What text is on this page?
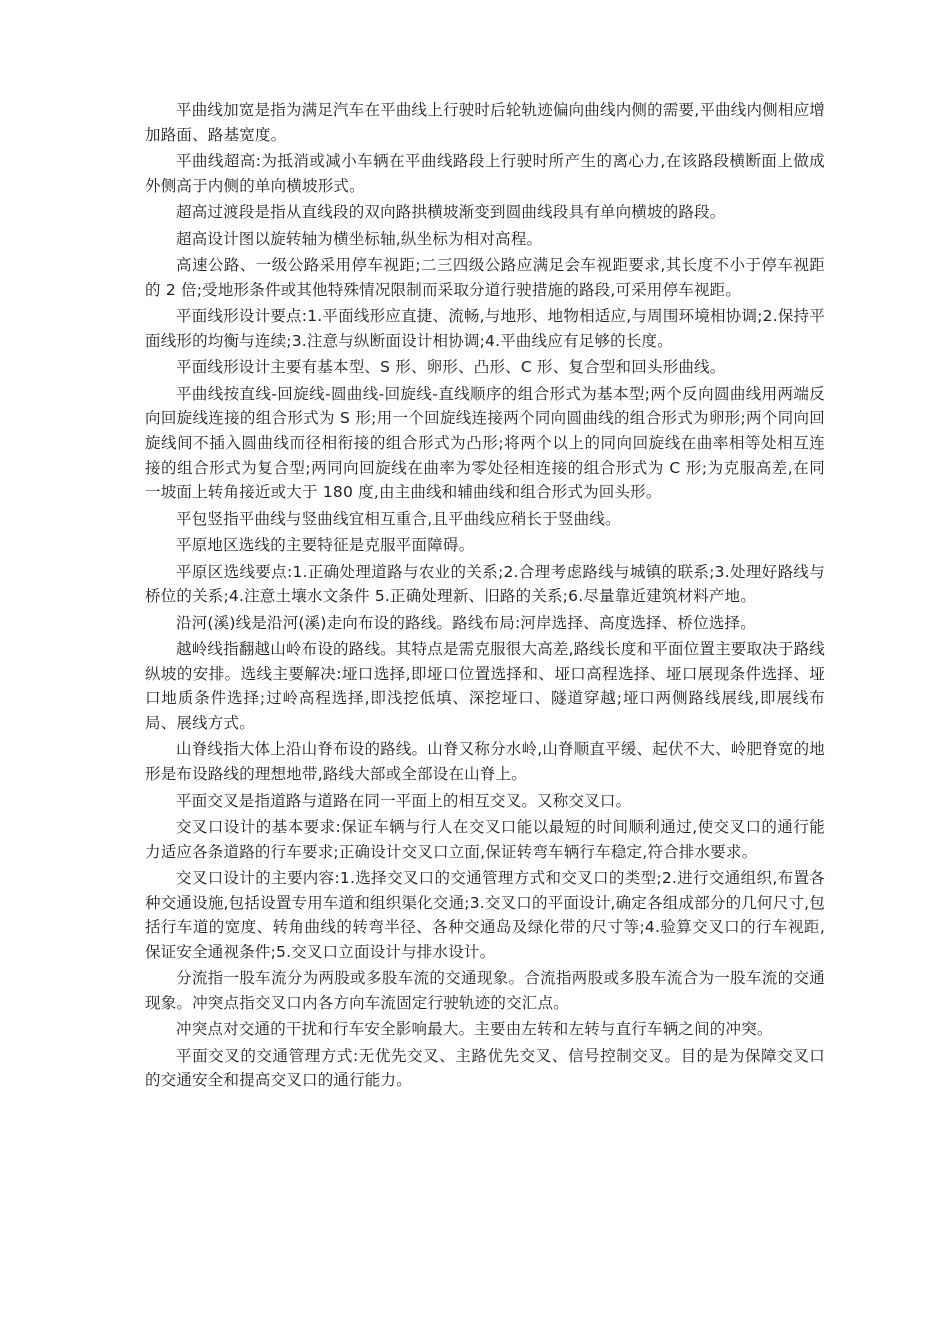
平曲线加宽是指为满足汽车在平曲线上行驶时后轮轨迹偏向曲线内侧的需要,平曲线内侧相应增加路面、路基宽度。

平曲线超高:为抵消或减小车辆在平曲线路段上行驶时所产生的离心力,在该路段横断面上做成外侧高于内侧的单向横坡形式。

超高过渡段是指从直线段的双向路拱横坡渐变到圆曲线段具有单向横坡的路段。

超高设计图以旋转轴为横坐标轴,纵坐标为相对高程。

高速公路、一级公路采用停车视距;二三四级公路应满足会车视距要求,其长度不小于停车视距的 2 倍;受地形条件或其他特殊情况限制而采取分道行驶措施的路段,可采用停车视距。

平面线形设计要点:1.平面线形应直捷、流畅,与地形、地物相适应,与周围环境相协调;2.保持平面线形的均衡与连续;3.注意与纵断面设计相协调;4.平曲线应有足够的长度。

平面线形设计主要有基本型、S 形、卵形、凸形、C 形、复合型和回头形曲线。

平曲线按直线-回旋线-圆曲线-回旋线-直线顺序的组合形式为基本型;两个反向圆曲线用两端反向回旋线连接的组合形式为 S 形;用一个回旋线连接两个同向圆曲线的组合形式为卵形;两个同向回旋线间不插入圆曲线而径相衔接的组合形式为凸形;将两个以上的同向回旋线在曲率相等处相互连接的组合形式为复合型;两同向回旋线在曲率为零处径相连接的组合形式为 C 形;为克服高差,在同一坡面上转角接近或大于 180 度,由主曲线和辅曲线和组合形式为回头形。

平包竖指平曲线与竖曲线宜相互重合,且平曲线应稍长于竖曲线。

平原地区选线的主要特征是克服平面障碍。

平原区选线要点:1.正确处理道路与农业的关系;2.合理考虑路线与城镇的联系;3.处理好路线与桥位的关系;4.注意土壤水文条件 5.正确处理新、旧路的关系;6.尽量靠近建筑材料产地。

沿河(溪)线是沿河(溪)走向布设的路线。路线布局:河岸选择、高度选择、桥位选择。

越岭线指翻越山岭布设的路线。其特点是需克服很大高差,路线长度和平面位置主要取决于路线纵坡的安排。选线主要解决:垭口选择,即垭口位置选择和、垭口高程选择、垭口展现条件选择、垭口地质条件选择;过岭高程选择,即浅挖低填、深挖垭口、隧道穿越;垭口两侧路线展线,即展线布局、展线方式。

山脊线指大体上沿山脊布设的路线。山脊又称分水岭,山脊顺直平缓、起伏不大、岭肥脊宽的地形是布设路线的理想地带,路线大部或全部设在山脊上。

平面交叉是指道路与道路在同一平面上的相互交叉。又称交叉口。

交叉口设计的基本要求:保证车辆与行人在交叉口能以最短的时间顺利通过,使交叉口的通行能力适应各条道路的行车要求;正确设计交叉口立面,保证转弯车辆行车稳定,符合排水要求。

交叉口设计的主要内容:1.选择交叉口的交通管理方式和交叉口的类型;2.进行交通组织,布置各种交通设施,包括设置专用车道和组织渠化交通;3.交叉口的平面设计,确定各组成部分的几何尺寸,包括行车道的宽度、转角曲线的转弯半径、各种交通岛及绿化带的尺寸等;4.验算交叉口的行车视距,保证安全通视条件;5.交叉口立面设计与排水设计。

分流指一股车流分为两股或多股车流的交通现象。合流指两股或多股车流合为一股车流的交通现象。冲突点指交叉口内各方向车流固定行驶轨迹的交汇点。

冲突点对交通的干扰和行车安全影响最大。主要由左转和左转与直行车辆之间的冲突。

平面交叉的交通管理方式:无优先交叉、主路优先交叉、信号控制交叉。目的是为保障交叉口的交通安全和提高交叉口的通行能力。
